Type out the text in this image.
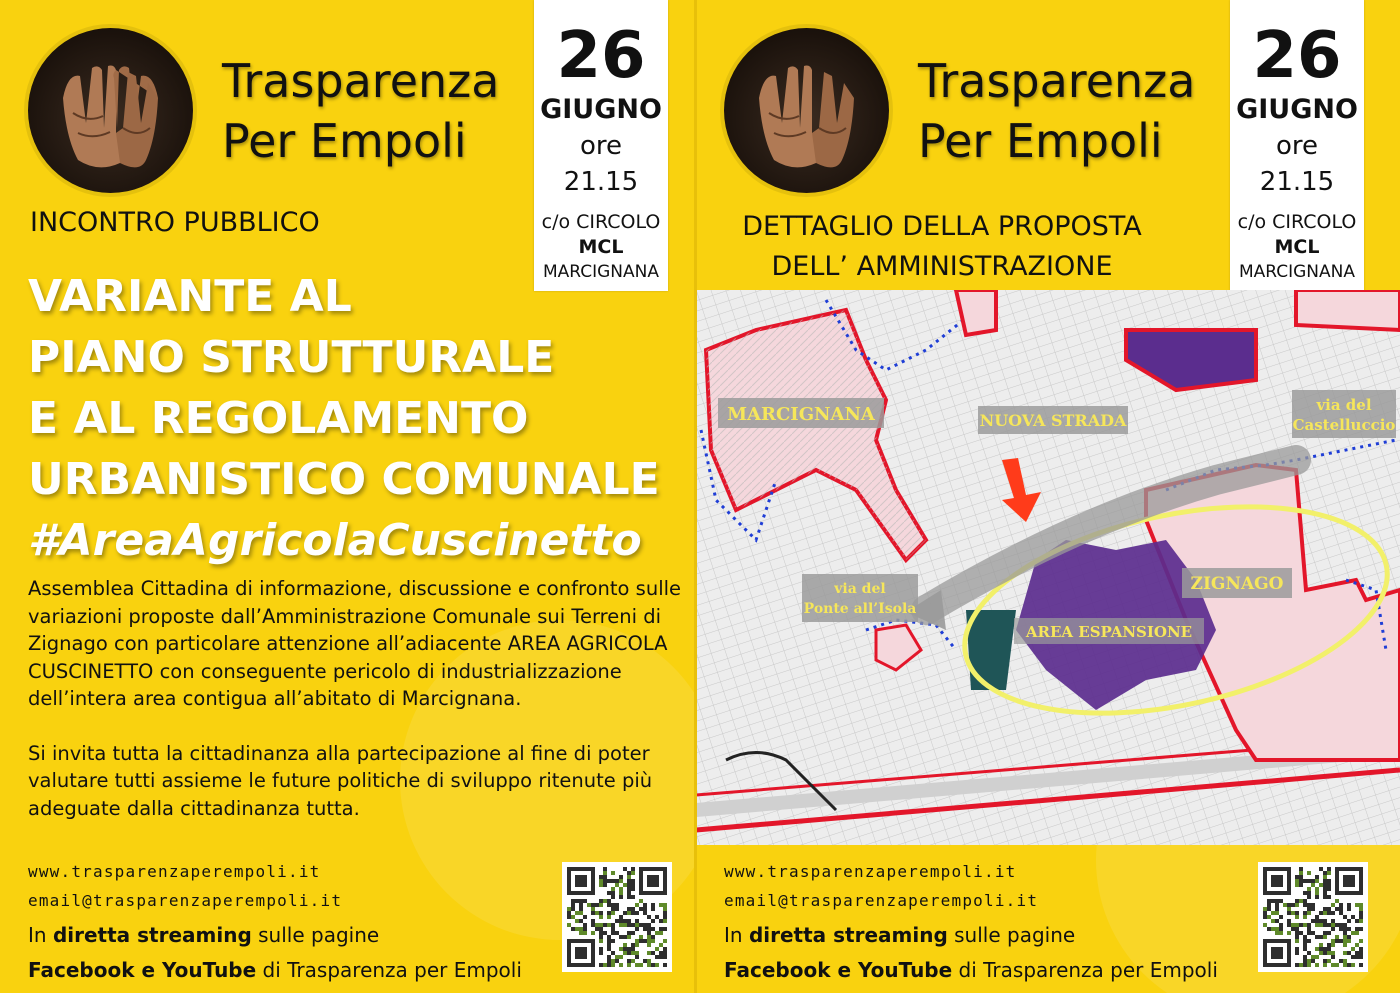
Trasparenza
Per Empoli
26
GIUGNO
ore
21.15
c/o CIRCOLO
MCL
MARCIGNANA
INCONTRO PUBBLICO
VARIANTE AL
PIANO STRUTTURALE
E AL REGOLAMENTO
URBANISTICO COMUNALE
#AreaAgricolaCuscinetto

Assemblea Cittadina di informazione, discussione e confronto sulle variazioni proposte dall’Amministrazione Comunale sui Terreni di Zignago con particolare attenzione all’adiacente AREA AGRICOLA CUSCINETTO con conseguente pericolo di industrializzazione dell’intera area contigua all’abitato di Marcignana.

Si invita tutta la cittadinanza alla partecipazione al fine di poter valutare tutti assieme le future politiche di sviluppo ritenute più adeguate dalla cittadinanza tutta.

www.trasparenzaperempoli.it
email@trasparenzaperempoli.it
In diretta streaming sulle pagine
Facebook e YouTube di Trasparenza per Empoli
Trasparenza
Per Empoli
26
GIUGNO
ore
21.15
c/o CIRCOLO
MCL
MARCIGNANA
DETTAGLIO DELLA PROPOSTA
DELL’ AMMINISTRAZIONE
MARCIGNANA	NUOVA STRADA
via del
Castelluccio
via del
Ponte all’Isola
ZIGNAGO
AREA ESPANSIONE
www.trasparenzaperempoli.it
email@trasparenzaperempoli.it
In diretta streaming sulle pagine
Facebook e YouTube di Trasparenza per Empoli
